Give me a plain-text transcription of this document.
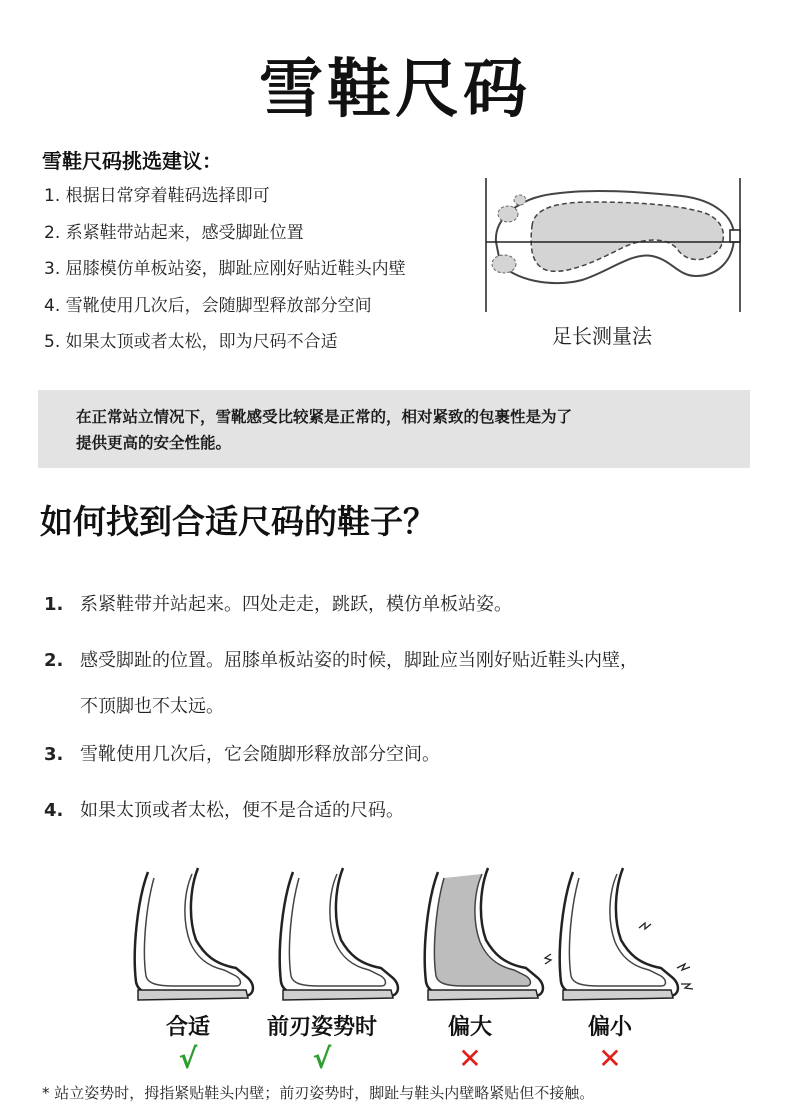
雪鞋尺码
雪鞋尺码挑选建议：
1. 根据日常穿着鞋码选择即可
2. 系紧鞋带站起来，感受脚趾位置
3. 屈膝模仿单板站姿，脚趾应刚好贴近鞋头内壁
4. 雪靴使用几次后，会随脚型释放部分空间
5. 如果太顶或者太松，即为尺码不合适	足长测量法
在正常站立情况下，雪靴感受比较紧是正常的，相对紧致的包裹性是为了
提供更高的安全性能。
如何找到合适尺码的鞋子？
1. 系紧鞋带并站起来。四处走走，跳跃，模仿单板站姿。
2. 感受脚趾的位置。屈膝单板站姿的时候，脚趾应当刚好贴近鞋头内壁，
不顶脚也不太远。
3. 雪靴使用几次后，它会随脚形释放部分空间。
4. 如果太顶或者太松，便不是合适的尺码。
合适	前刃姿势时	偏大	偏小
√	√	✕	✕
* 站立姿势时，拇指紧贴鞋头内壁；前刃姿势时，脚趾与鞋头内壁略紧贴但不接触。
